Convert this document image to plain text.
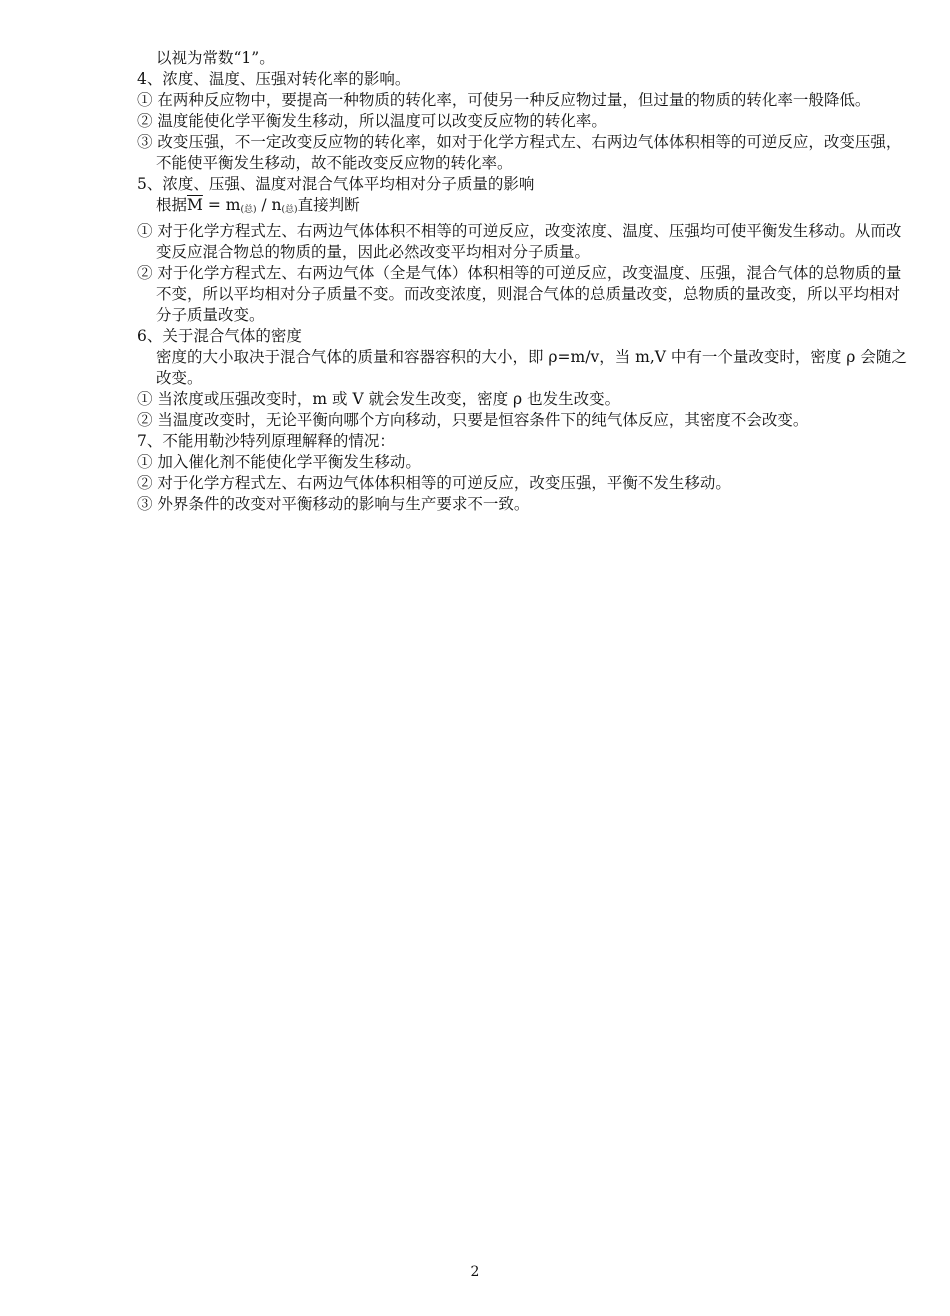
以视为常数“1”。

4、浓度、温度、压强对转化率的影响。

① 在两种反应物中，要提高一种物质的转化率，可使另一种反应物过量，但过量的物质的转化率一般降低。

② 温度能使化学平衡发生移动，所以温度可以改变反应物的转化率。

③ 改变压强，不一定改变反应物的转化率，如对于化学方程式左、右两边气体体积相等的可逆反应，改变压强，不能使平衡发生移动，故不能改变反应物的转化率。

5、浓度、压强、温度对混合气体平均相对分子质量的影响

根据$\overline{M} = m_{(总)} / n_{(总)}$直接判断

① 对于化学方程式左、右两边气体体积不相等的可逆反应，改变浓度、温度、压强均可使平衡发生移动。从而改变反应混合物总的物质的量，因此必然改变平均相对分子质量。

② 对于化学方程式左、右两边气体（全是气体）体积相等的可逆反应，改变温度、压强，混合气体的总物质的量不变，所以平均相对分子质量不变。而改变浓度，则混合气体的总质量改变，总物质的量改变，所以平均相对分子质量改变。

6、关于混合气体的密度

密度的大小取决于混合气体的质量和容器容积的大小，即 ρ=m/v，当 m,V 中有一个量改变时，密度 ρ 会随之改变。

① 当浓度或压强改变时，m 或 V 就会发生改变，密度 ρ 也发生改变。

② 当温度改变时，无论平衡向哪个方向移动，只要是恒容条件下的纯气体反应，其密度不会改变。

7、不能用勒沙特列原理解释的情况：

① 加入催化剂不能使化学平衡发生移动。

② 对于化学方程式左、右两边气体体积相等的可逆反应，改变压强，平衡不发生移动。

③ 外界条件的改变对平衡移动的影响与生产要求不一致。

2
